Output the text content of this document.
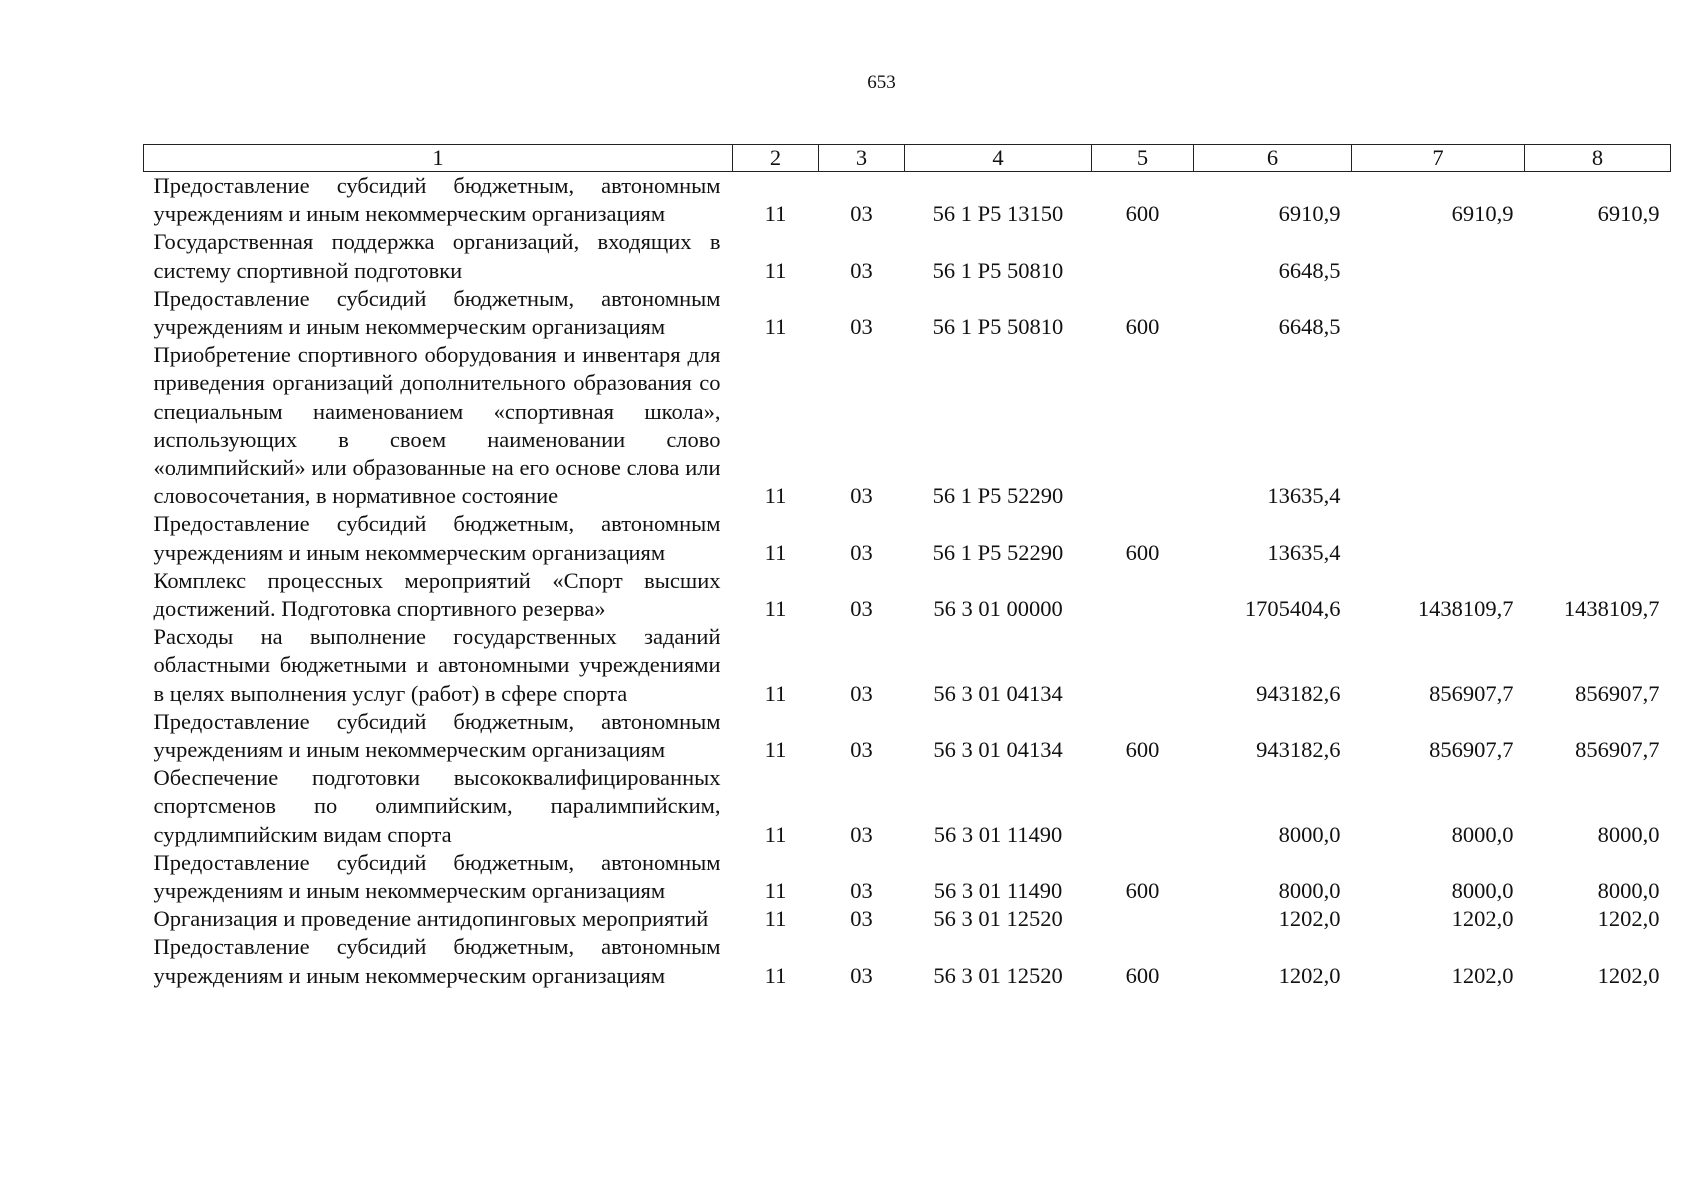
653
1	2	3	4	5	6	7	8
Предоставление субсидий бюджетным, автономным учреждениям и иным некоммерческим организациям	11	03	56 1 Р5 13150	600	6910,9	6910,9	6910,9
Государственная поддержка организаций, входящих в систему спортивной подготовки	11	03	56 1 Р5 50810		6648,5		
Предоставление субсидий бюджетным, автономным учреждениям и иным некоммерческим организациям	11	03	56 1 Р5 50810	600	6648,5		
Приобретение спортивного оборудования и инвентаря для приведения организаций дополнительного образования со специальным наименованием «спортивная школа», использующих в своем наименовании слово «олимпийский» или образованные на его основе слова или словосочетания, в нормативное состояние	11	03	56 1 Р5 52290		13635,4		
Предоставление субсидий бюджетным, автономным учреждениям и иным некоммерческим организациям	11	03	56 1 Р5 52290	600	13635,4		
Комплекс процессных мероприятий «Спорт высших достижений. Подготовка спортивного резерва»	11	03	56 3 01 00000		1705404,6	1438109,7	1438109,7
Расходы на выполнение государственных заданий областными бюджетными и автономными учреждениями в целях выполнения услуг (работ) в сфере спорта	11	03	56 3 01 04134		943182,6	856907,7	856907,7
Предоставление субсидий бюджетным, автономным учреждениям и иным некоммерческим организациям	11	03	56 3 01 04134	600	943182,6	856907,7	856907,7
Обеспечение подготовки высококвалифицированных спортсменов по олимпийским, паралимпийским, сурдлимпийским видам спорта	11	03	56 3 01 11490		8000,0	8000,0	8000,0
Предоставление субсидий бюджетным, автономным учреждениям и иным некоммерческим организациям	11	03	56 3 01 11490	600	8000,0	8000,0	8000,0
Организация и проведение антидопинговых мероприятий	11	03	56 3 01 12520		1202,0	1202,0	1202,0
Предоставление субсидий бюджетным, автономным учреждениям и иным некоммерческим организациям	11	03	56 3 01 12520	600	1202,0	1202,0	1202,0
